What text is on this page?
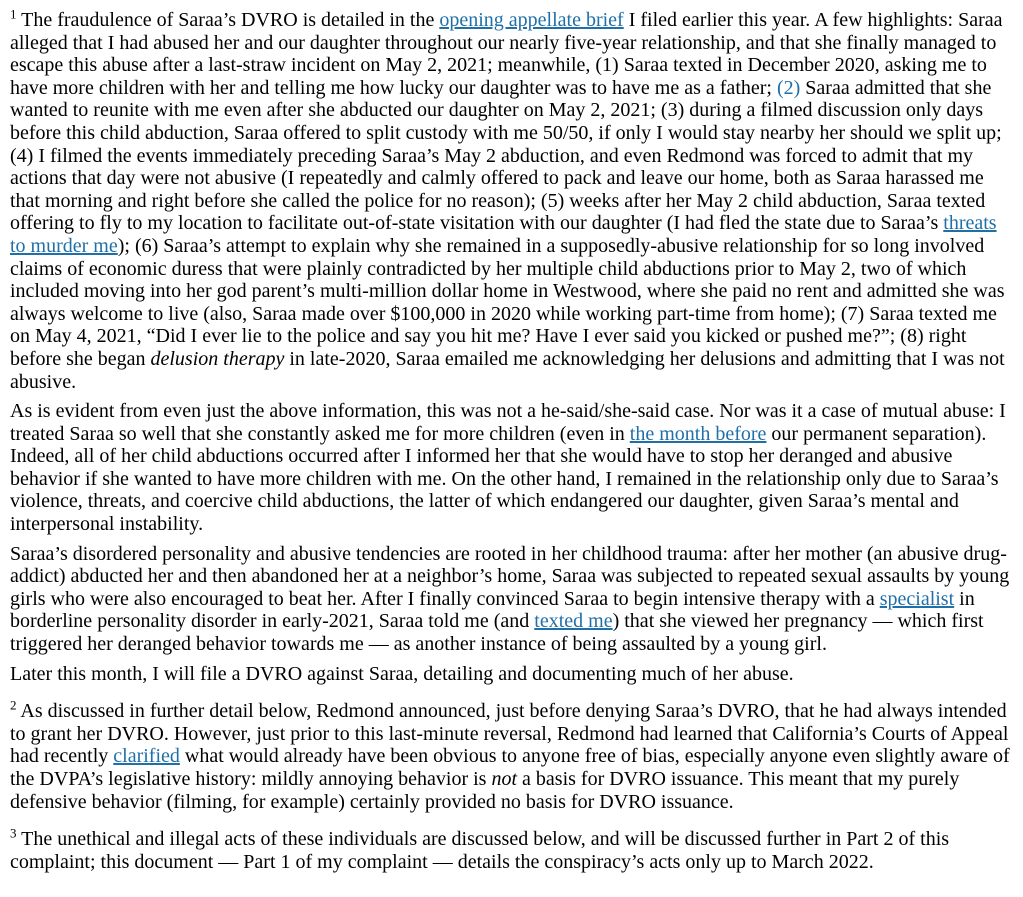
$^1$ The fraudulence of Saraa’s DVRO is detailed in the opening appellate brief I filed earlier this year. A few highlights: Saraa alleged that I had abused her and our daughter throughout our nearly five-year relationship, and that she finally managed to escape this abuse after a last-straw incident on May 2, 2021; meanwhile, (1) Saraa texted in December 2020, asking me to have more children with her and telling me how lucky our daughter was to have me as a father; (2) Saraa admitted that she wanted to reunite with me even after she abducted our daughter on May 2, 2021; (3) during a filmed discussion only days before this child abduction, Saraa offered to split custody with me 50/50, if only I would stay nearby her should we split up; (4) I filmed the events immediately preceding Saraa’s May 2 abduction, and even Redmond was forced to admit that my actions that day were not abusive (I repeatedly and calmly offered to pack and leave our home, both as Saraa harassed me that morning and right before she called the police for no reason); (5) weeks after her May 2 child abduction, Saraa texted offering to fly to my location to facilitate out-of-state visitation with our daughter (I had fled the state due to Saraa’s threats to murder me); (6) Saraa’s attempt to explain why she remained in a supposedly-abusive relationship for so long involved claims of economic duress that were plainly contradicted by her multiple child abductions prior to May 2, two of which included moving into her god parent’s multi-million dollar home in Westwood, where she paid no rent and admitted she was always welcome to live (also, Saraa made over $100,000 in 2020 while working part-time from home); (7) Saraa texted me on May 4, 2021, “Did I ever lie to the police and say you hit me? Have I ever said you kicked or pushed me?”; (8) right before she began delusion therapy in late-2020, Saraa emailed me acknowledging her delusions and admitting that I was not abusive.

As is evident from even just the above information, this was not a he-said/she-said case. Nor was it a case of mutual abuse: I treated Saraa so well that she constantly asked me for more children (even in the month before our permanent separation). Indeed, all of her child abductions occurred after I informed her that she would have to stop her deranged and abusive behavior if she wanted to have more children with me. On the other hand, I remained in the relationship only due to Saraa’s violence, threats, and coercive child abductions, the latter of which endangered our daughter, given Saraa’s mental and interpersonal instability.

Saraa’s disordered personality and abusive tendencies are rooted in her childhood trauma: after her mother (an abusive drug-addict) abducted her and then abandoned her at a neighbor’s home, Saraa was subjected to repeated sexual assaults by young girls who were also encouraged to beat her. After I finally convinced Saraa to begin intensive therapy with a specialist in borderline personality disorder in early-2021, Saraa told me (and texted me) that she viewed her pregnancy — which first triggered her deranged behavior towards me — as another instance of being assaulted by a young girl.

Later this month, I will file a DVRO against Saraa, detailing and documenting much of her abuse.

$^2$ As discussed in further detail below, Redmond announced, just before denying Saraa’s DVRO, that he had always intended to grant her DVRO. However, just prior to this last-minute reversal, Redmond had learned that California’s Courts of Appeal had recently clarified what would already have been obvious to anyone free of bias, especially anyone even slightly aware of the DVPA’s legislative history: mildly annoying behavior is not a basis for DVRO issuance. This meant that my purely defensive behavior (filming, for example) certainly provided no basis for DVRO issuance.

$^3$ The unethical and illegal acts of these individuals are discussed below, and will be discussed further in Part 2 of this complaint; this document — Part 1 of my complaint — details the conspiracy’s acts only up to March 2022.
